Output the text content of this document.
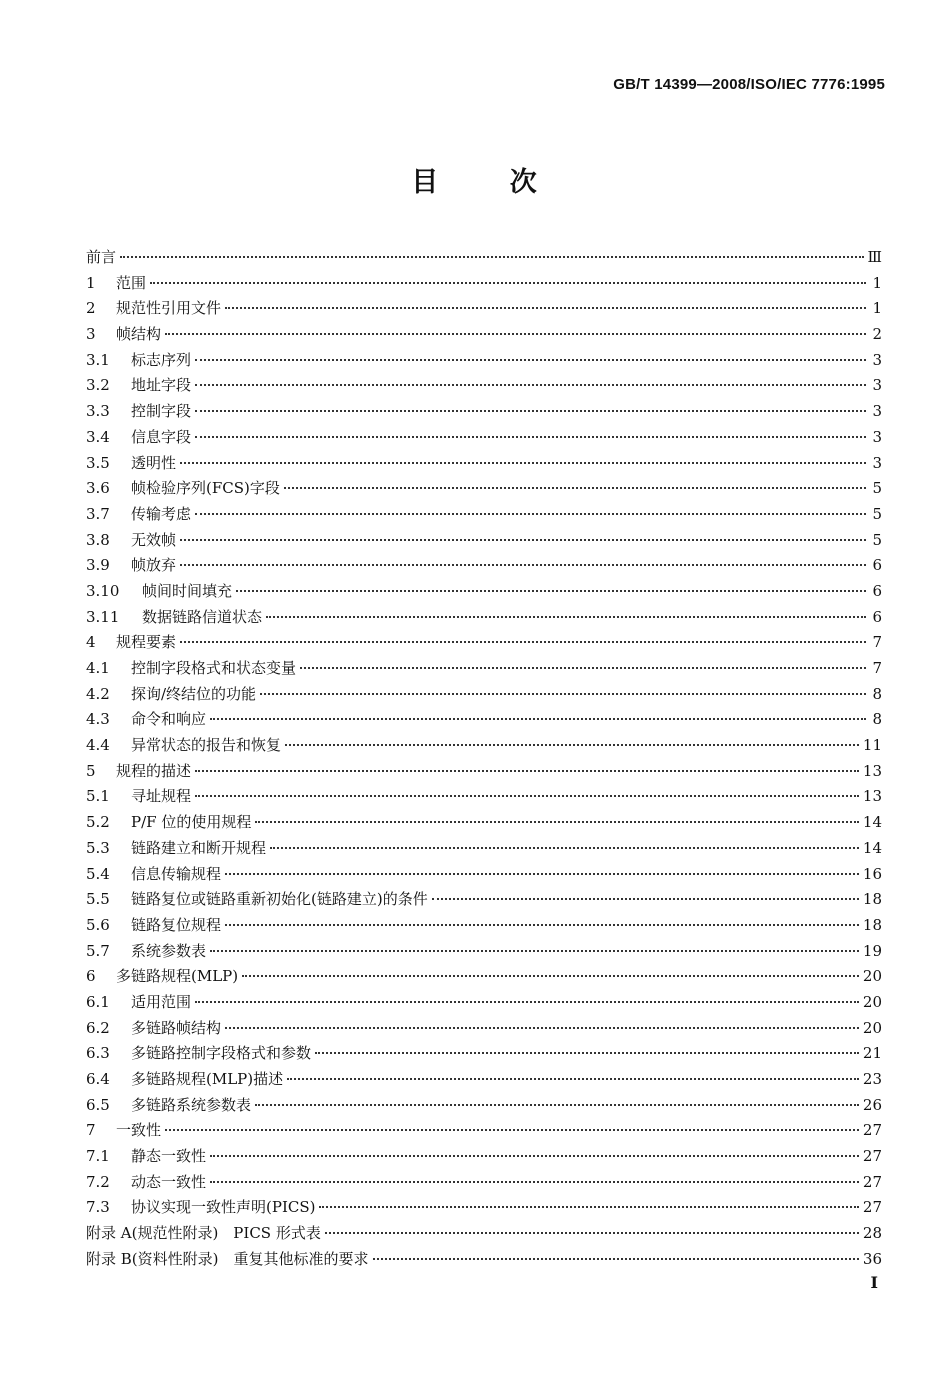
GB/T 14399—2008/ISO/IEC 7776:1995
目 次
前言	Ⅲ
1	范围	1
2	规范性引用文件	1
3	帧结构	2
3.1	标志序列	3
3.2	地址字段	3
3.3	控制字段	3
3.4	信息字段	3
3.5	透明性	3
3.6	帧检验序列(FCS)字段	5
3.7	传输考虑	5
3.8	无效帧	5
3.9	帧放弃	6
3.10	帧间时间填充	6
3.11	数据链路信道状态	6
4	规程要素	7
4.1	控制字段格式和状态变量	7
4.2	探询/终结位的功能	8
4.3	命令和响应	8
4.4	异常状态的报告和恢复	11
5	规程的描述	13
5.1	寻址规程	13
5.2	P/F 位的使用规程	14
5.3	链路建立和断开规程	14
5.4	信息传输规程	16
5.5	链路复位或链路重新初始化(链路建立)的条件	18
5.6	链路复位规程	18
5.7	系统参数表	19
6	多链路规程(MLP)	20
6.1	适用范围	20
6.2	多链路帧结构	20
6.3	多链路控制字段格式和参数	21
6.4	多链路规程(MLP)描述	23
6.5	多链路系统参数表	26
7	一致性	27
7.1	静态一致性	27
7.2	动态一致性	27
7.3	协议实现一致性声明(PICS)	27
附录 A(规范性附录)　PICS 形式表	28
附录 B(资料性附录)　重复其他标准的要求	36
I
